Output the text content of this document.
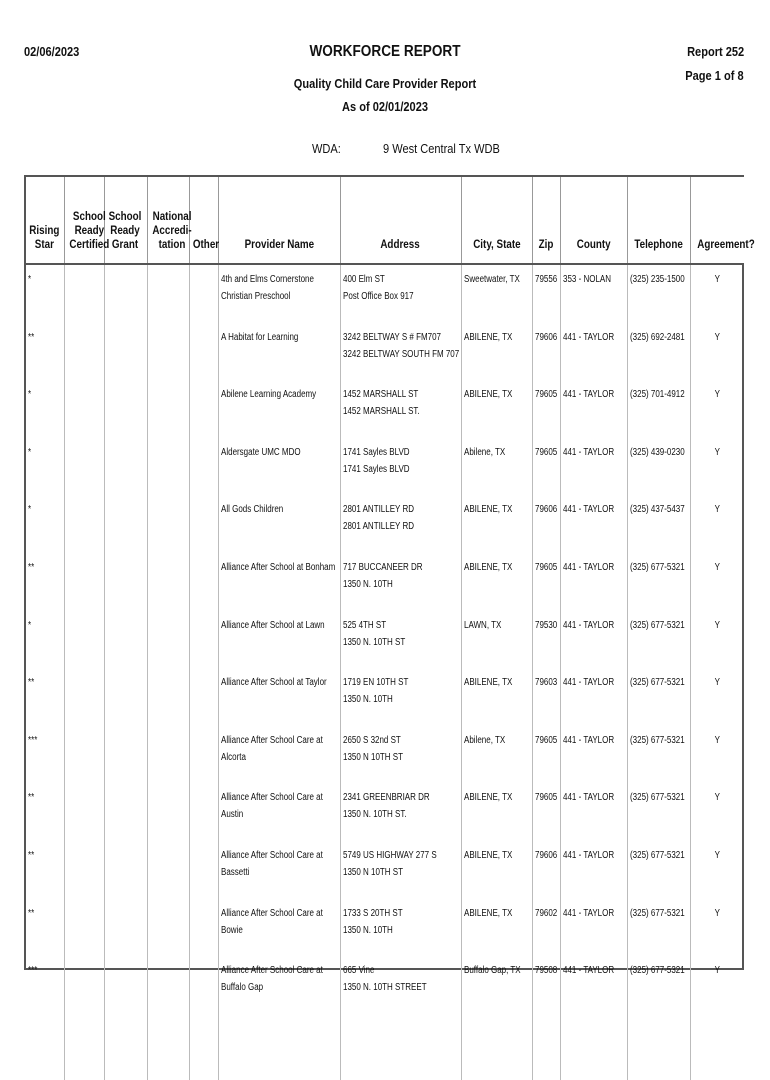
02/06/2023	WORKFORCE REPORT
Quality Child Care Provider Report
As of 02/01/2023
Report 252
Page 1 of 8
WDA:	9 West Central Tx WDB
Rising
Star	School
Ready
Certified	School
Ready
Grant	National
Accredi-
tation	Other	Provider Name	Address	City, State	Zip	County	Telephone	Agreement?
*					4th and Elms Cornerstone Christian Preschool	400 Elm ST
Post Office Box 917	Sweetwater, TX	79556	353 - NOLAN	(325) 235-1500	Y
**					A Habitat for Learning	3242 BELTWAY S # FM707
3242 BELTWAY SOUTH FM 707	ABILENE, TX	79606	441 - TAYLOR	(325) 692-2481	Y
*					Abilene Learning Academy	1452 MARSHALL ST
1452 MARSHALL ST.	ABILENE, TX	79605	441 - TAYLOR	(325) 701-4912	Y
*					Aldersgate UMC MDO	1741 Sayles BLVD
1741 Sayles BLVD	Abilene, TX	79605	441 - TAYLOR	(325) 439-0230	Y
*					All Gods Children	2801 ANTILLEY RD
2801 ANTILLEY RD	ABILENE, TX	79606	441 - TAYLOR	(325) 437-5437	Y
**					Alliance After School at Bonham	717 BUCCANEER DR
1350 N. 10TH	ABILENE, TX	79605	441 - TAYLOR	(325) 677-5321	Y
*					Alliance After School at Lawn	525 4TH ST
1350 N. 10TH ST	LAWN, TX	79530	441 - TAYLOR	(325) 677-5321	Y
**					Alliance After School at Taylor	1719 EN 10TH ST
1350 N. 10TH	ABILENE, TX	79603	441 - TAYLOR	(325) 677-5321	Y
***					Alliance After School Care at Alcorta	2650 S 32nd ST
1350 N 10TH ST	Abilene, TX	79605	441 - TAYLOR	(325) 677-5321	Y
**					Alliance After School Care at Austin	2341 GREENBRIAR DR
1350 N. 10TH ST.	ABILENE, TX	79605	441 - TAYLOR	(325) 677-5321	Y
**					Alliance After School Care at Bassetti	5749 US HIGHWAY 277 S
1350 N 10TH ST	ABILENE, TX	79606	441 - TAYLOR	(325) 677-5321	Y
**					Alliance After School Care at Bowie	1733 S 20TH ST
1350 N. 10TH	ABILENE, TX	79602	441 - TAYLOR	(325) 677-5321	Y
***					Alliance After School Care at Buffalo Gap	665 Vine
1350 N. 10TH STREET	Buffalo Gap, TX	79508	441 - TAYLOR	(325) 677-5321	Y
